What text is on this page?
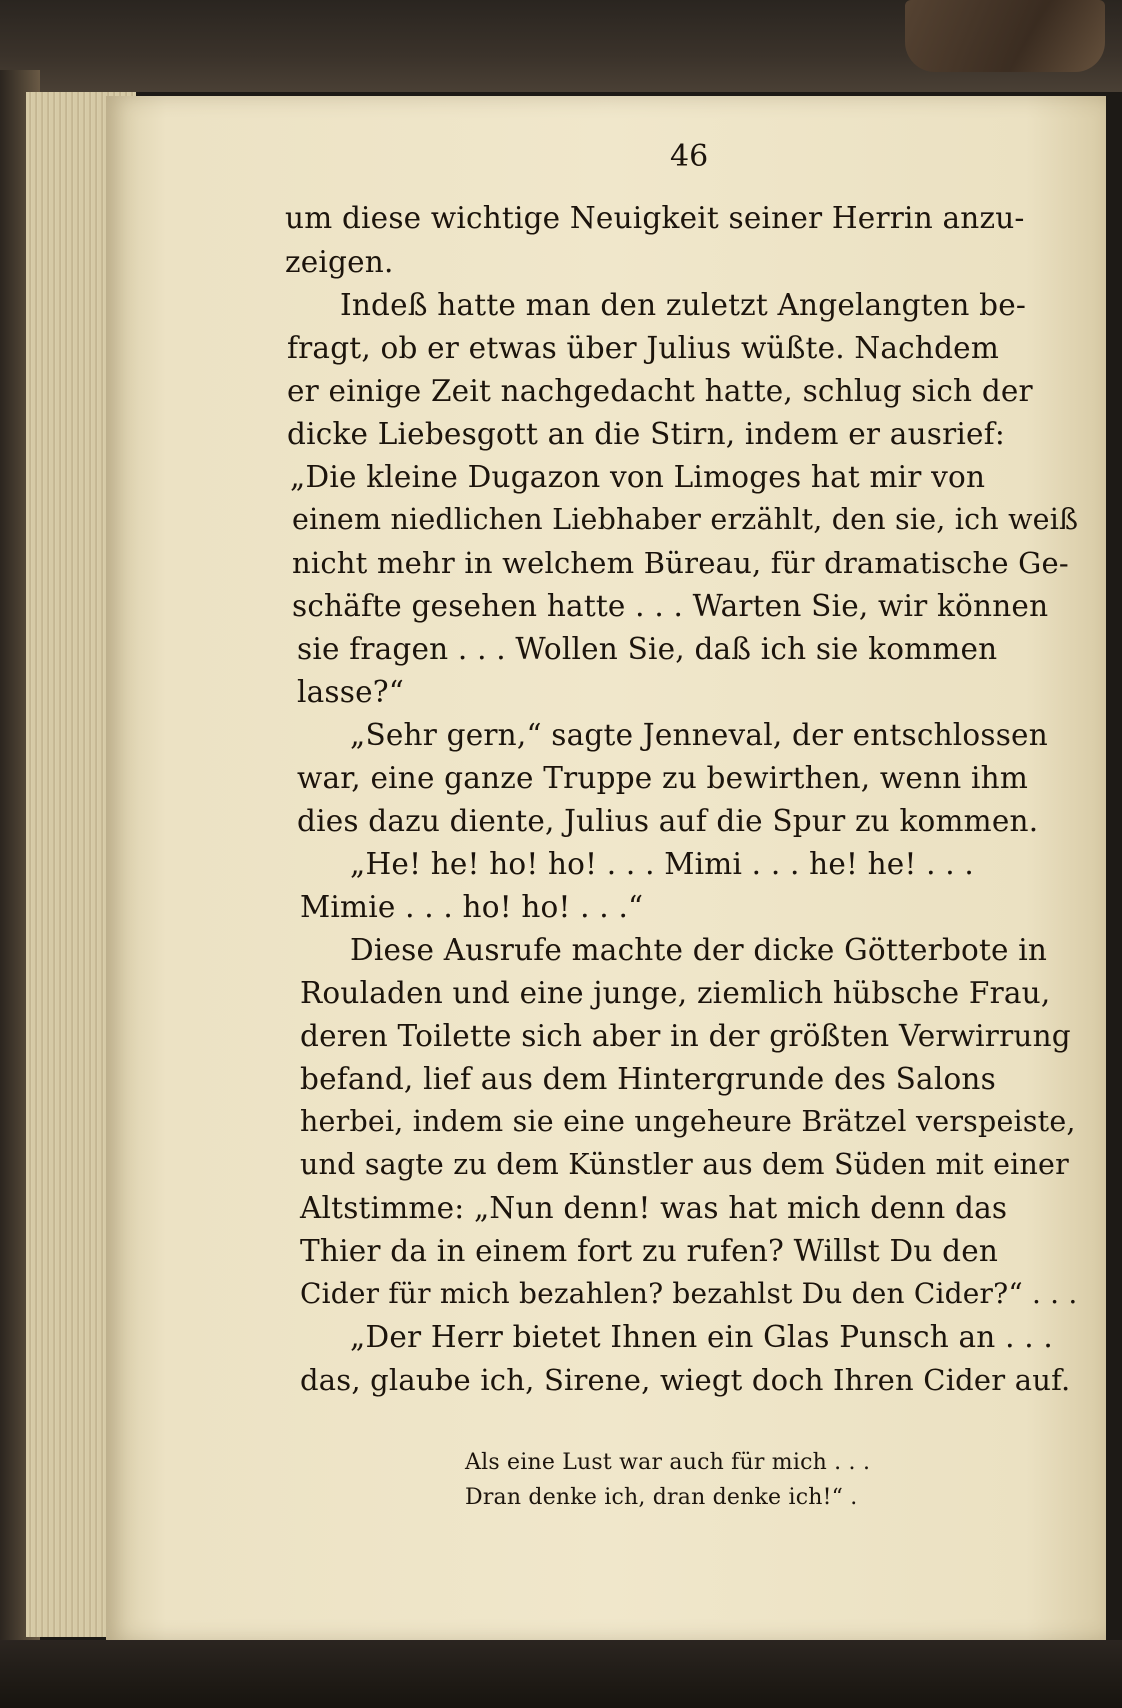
46

um diese wichtige Neuigkeit seiner Herrin anzu-

zeigen.

Indeß hatte man den zuletzt Angelangten be-

fragt, ob er etwas über Julius wüßte. Nachdem

er einige Zeit nachgedacht hatte, schlug sich der

dicke Liebesgott an die Stirn, indem er ausrief:

„Die kleine Dugazon von Limoges hat mir von

einem niedlichen Liebhaber erzählt, den sie, ich weiß

nicht mehr in welchem Büreau, für dramatische Ge-

schäfte gesehen hatte . . . Warten Sie, wir können

sie fragen . . . Wollen Sie, daß ich sie kommen

lasse?“

„Sehr gern,“ sagte Jenneval, der entschlossen

war, eine ganze Truppe zu bewirthen, wenn ihm

dies dazu diente, Julius auf die Spur zu kommen.

„He! he! ho! ho! . . . Mimi . . . he! he! . . .

Mimie . . . ho! ho! . . .“

Diese Ausrufe machte der dicke Götterbote in

Rouladen und eine junge, ziemlich hübsche Frau,

deren Toilette sich aber in der größten Verwirrung

befand, lief aus dem Hintergrunde des Salons

herbei, indem sie eine ungeheure Brätzel verspeiste,

und sagte zu dem Künstler aus dem Süden mit einer

Altstimme: „Nun denn! was hat mich denn das

Thier da in einem fort zu rufen? Willst Du den

Cider für mich bezahlen? bezahlst Du den Cider?“ . . .

„Der Herr bietet Ihnen ein Glas Punsch an . . .

das, glaube ich, Sirene, wiegt doch Ihren Cider auf.

Als eine Lust war auch für mich . . .

Dran denke ich, dran denke ich!“ .
